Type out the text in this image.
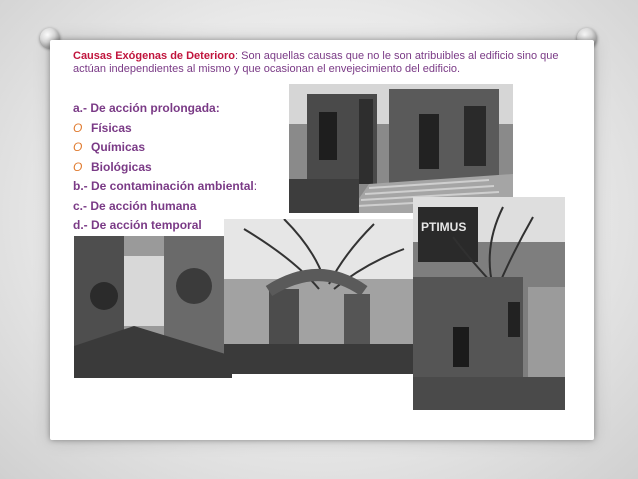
Causas Exógenas de Deterioro: Son aquellas causas que no le son atribuibles al edificio sino que actúan independientes al mismo y que ocasionan el envejecimiento del edificio.

a.- De acción prolongada:
O Físicas
O Químicas
O Biológicas
b.- De contaminación ambiental:
c.- De acción humana
d.- De acción temporal	PTIMUS
